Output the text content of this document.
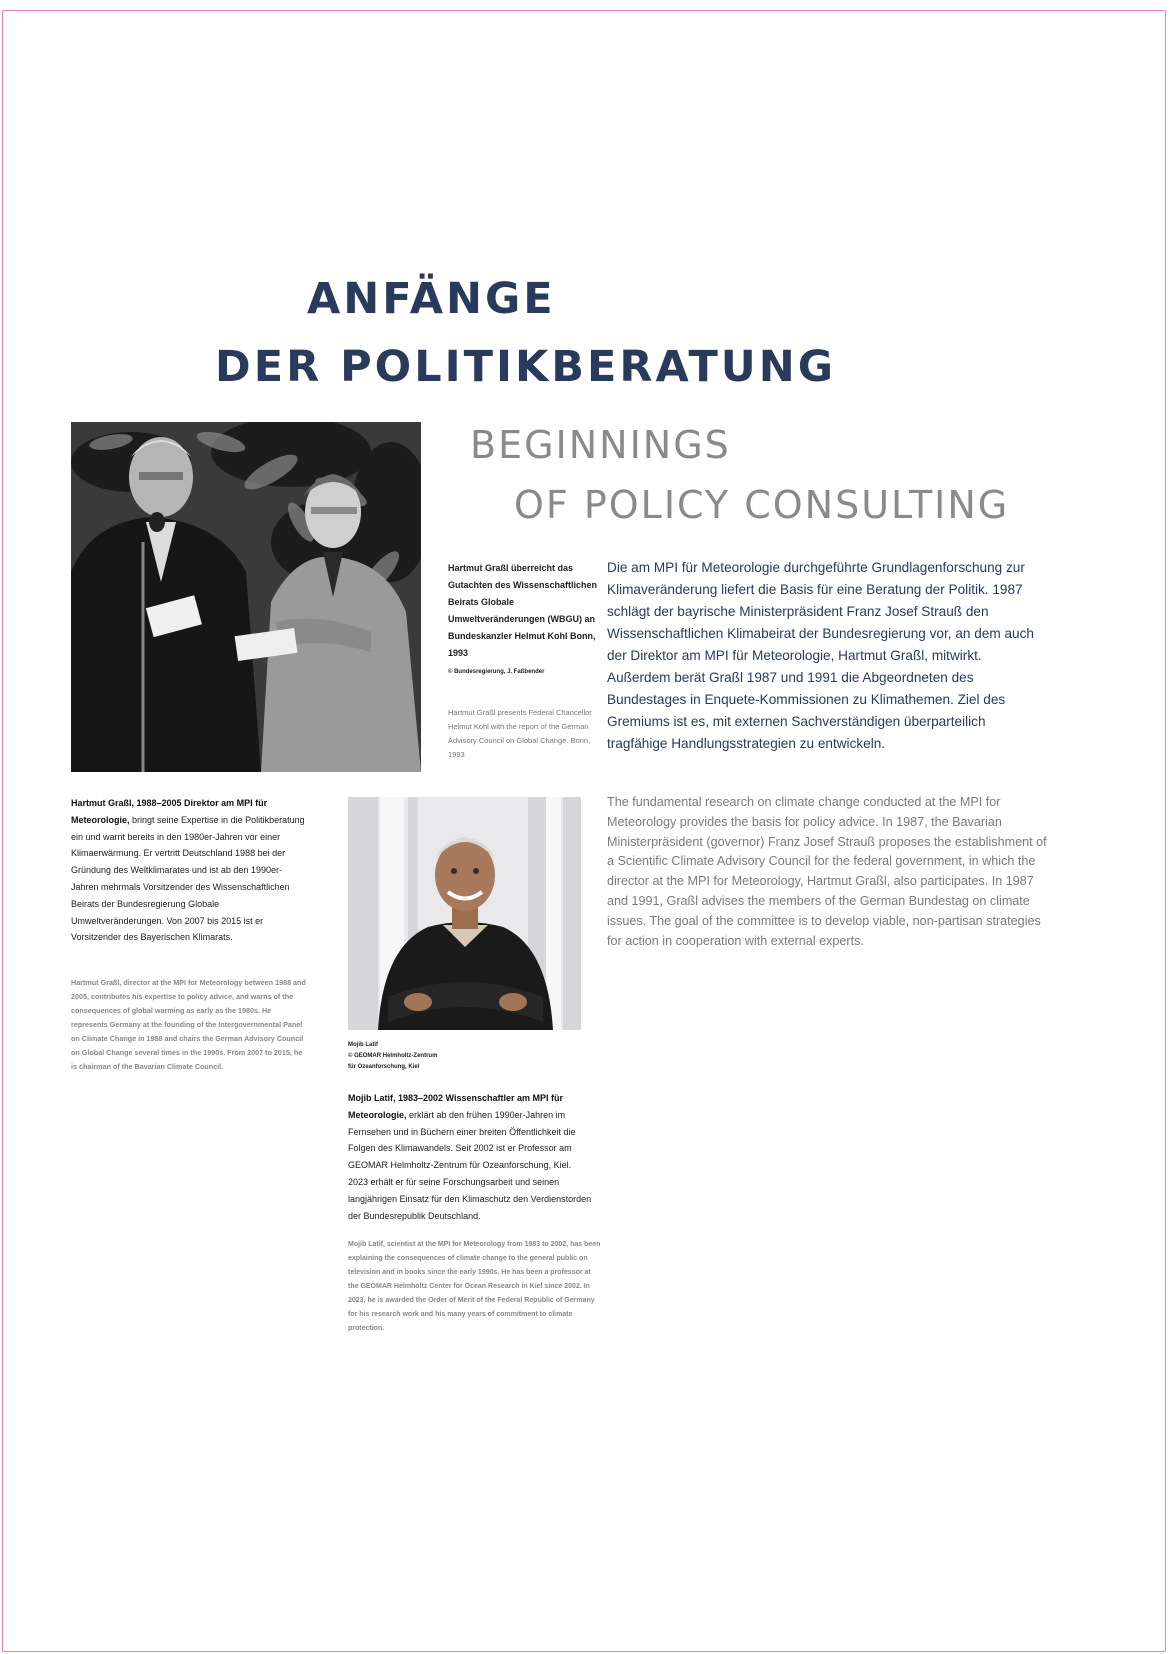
ANFÄNGE
DER POLITIKBERATUNG
BEGINNINGS
OF POLICY CONSULTING
Hartmut Graßl überreicht das Gutachten des Wissenschaftlichen Beirats Globale Umweltveränderungen (WBGU) an Bundeskanzler Helmut Kohl Bonn, 1993
© Bundesregierung, J. Faßbender
Hartmut Graßl presents Federal Chancellor Helmut Kohl with the report of the German Advisory Council on Global Change. Bonn, 1993

Die am MPI für Meteorologie durchgeführte Grundlagenforschung zur Klimaveränderung liefert die Basis für eine Beratung der Politik. 1987 schlägt der bayrische Ministerpräsident Franz Josef Strauß den Wissenschaftlichen Klimabeirat der Bundesregierung vor, an dem auch der Direktor am MPI für Meteorologie, Hartmut Graßl, mitwirkt. Außerdem berät Graßl 1987 und 1991 die Abgeordneten des Bundestages in Enquete-Kommissionen zu Klimathemen. Ziel des Gremiums ist es, mit externen Sachverständigen überparteilich tragfähige Handlungsstrategien zu entwickeln.

The fundamental research on climate change conducted at the MPI for Meteorology provides the basis for policy advice. In 1987, the Bavarian Ministerpräsident (governor) Franz Josef Strauß proposes the establishment of a Scientific Climate Advisory Council for the federal government, in which the director at the MPI for Meteorology, Hartmut Graßl, also participates. In 1987 and 1991, Graßl advises the members of the German Bundestag on climate issues. The goal of the committee is to develop viable, non-partisan strategies for action in cooperation with external experts.

Hartmut Graßl, 1988–2005 Direktor am MPI für Meteorologie, bringt seine Expertise in die Politikberatung ein und warnt bereits in den 1980er-Jahren vor einer Klimaerwärmung. Er vertritt Deutschland 1988 bei der Gründung des Weltklimarates und ist ab den 1990er-Jahren mehrmals Vorsitzender des Wissenschaftlichen Beirats der Bundesregierung Globale Umweltveränderungen. Von 2007 bis 2015 ist er Vorsitzender des Bayerischen Klimarats.
Hartmut Graßl, director at the MPI for Meteorology between 1988 and 2005, contributes his expertise to policy advice, and warns of the consequences of global warming as early as the 1980s. He represents Germany at the founding of the Intergovernmental Panel on Climate Change in 1988 and chairs the German Advisory Council on Global Change several times in the 1990s. From 2007 to 2015, he is chairman of the Bavarian Climate Council.
Mojib Latif
© GEOMAR Helmholtz-Zentrum
für Ozeanforschung, Kiel
Mojib Latif, 1983–2002 Wissenschaftler am MPI für Meteorologie, erklärt ab den frühen 1990er-Jahren im Fernsehen und in Büchern einer breiten Öffentlichkeit die Folgen des Klimawandels. Seit 2002 ist er Professor am GEOMAR Helmholtz-Zentrum für Ozeanforschung, Kiel. 2023 erhält er für seine Forschungsarbeit und seinen langjährigen Einsatz für den Klimaschutz den Verdienstorden der Bundesrepublik Deutschland.
Mojib Latif, scientist at the MPI for Meteorology from 1983 to 2002, has been explaining the consequences of climate change to the general public on television and in books since the early 1990s. He has been a professor at the GEOMAR Helmholtz Center for Ocean Research in Kiel since 2002. In 2023, he is awarded the Order of Merit of the Federal Republic of Germany for his research work and his many years of commitment to climate protection.
